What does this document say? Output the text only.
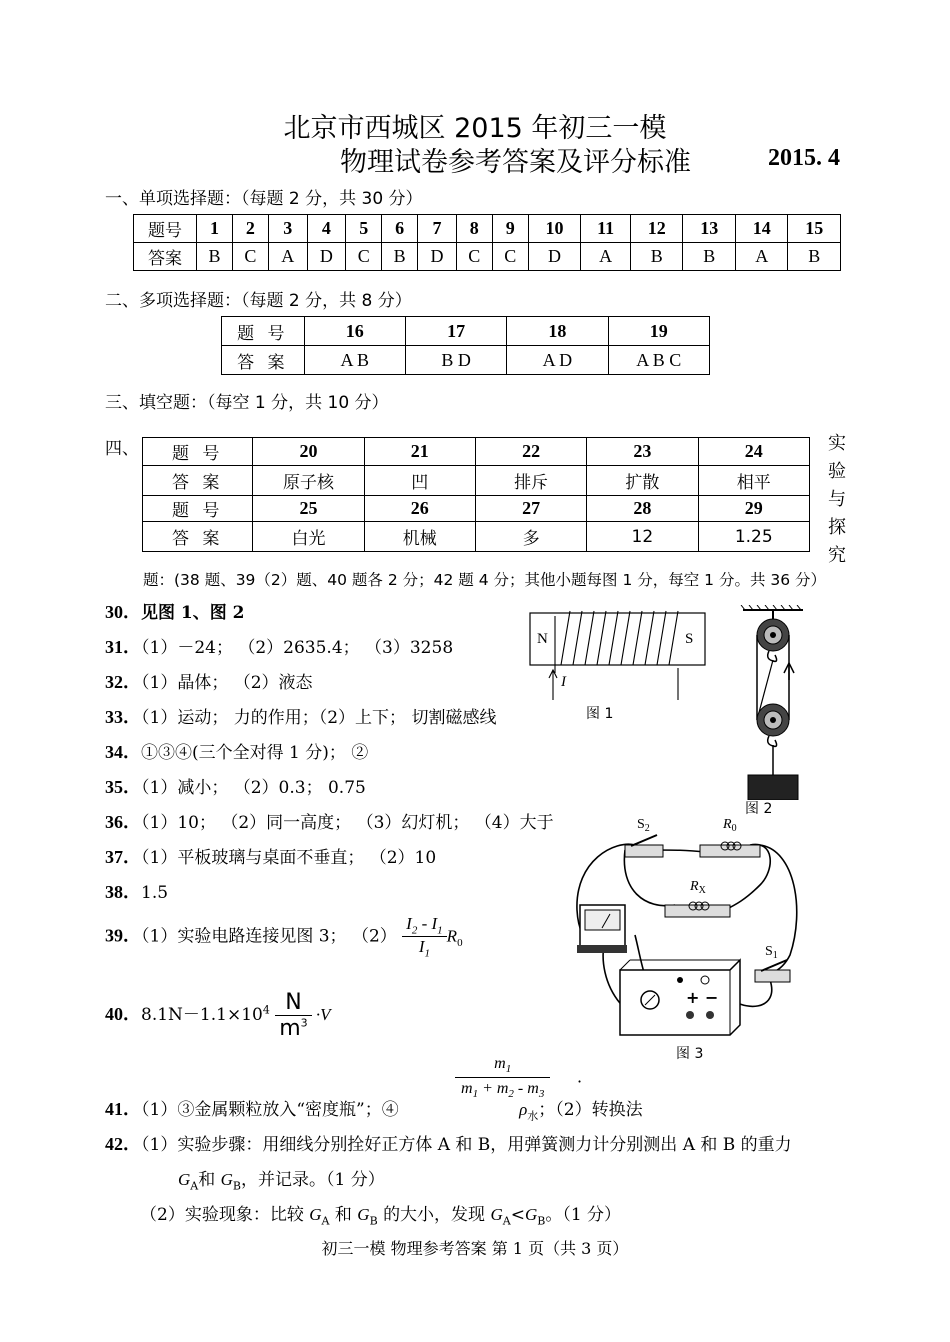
北京市西城区 2015 年初三一模
物理试卷参考答案及评分标准	2015. 4
一、单项选择题：（每题 2 分，共 30 分）
题号	1	2	3	4	5	6	7	8	9	10	11	12	13	14	15
答案	B	C	A	D	C	B	D	C	C	D	A	B	B	A	B
二、多项选择题：（每题 2 分，共 8 分）
题 号	16	17	18	19
答 案	A B	B D	A D	A B C
三、填空题：（每空 1 分，共 10 分）
四、 题 号	20	21	22	23	24
答 案	原子核	凹	排斥	扩散	相平
题 号	25	26	27	28	29
答 案	白光	机械	多	12	1.25
实
验
与
探
究
题：(38 题、39（2）题、40 题各 2 分；42 题 4 分；其他小题每图 1 分，每空 1 分。共 36 分）
30．见图 1、图 2
31．（1）－24； （2）2635.4； （3）3258
32．（1）晶体； （2）液态
33．（1）运动； 力的作用；（2）上下； 切割磁感线
34．①③④(三个全对得 1 分)； ②
35．（1）减小； （2）0.3； 0.75
36．（1）10； （2）同一高度； （3）幻灯机； （4）大于
37．（1）平板玻璃与桌面不垂直； （2）10
38．1.5
39．（1）实验电路连接见图 3； $(2) \frac{I_2 - I_1}{I_1} R_0$
40．$8.1N-1.1\times 10^4 \frac{N}{m^3} \cdot V$
$m_1$
$m_1 + m_2 - m_3$
·
41．（1）③金属颗粒放入“密度瓶”；④	$\rho_水$；（2）转换法
42．（1）实验步骤：用细线分别拴好正方体 A 和 B，用弹簧测力计分别测出 A 和 B 的重力
$G_A$和 $G_B$，并记录。（1 分）
（2）实验现象：比较 $G_A$ 和 $G_B$ 的大小，发现 $G_A<G_B$。（1 分）
N	S
I
图 1
图 2
$S_2$	$R_0$
$R_X$
$S_1$
+ −
图 3
初三一模 物理参考答案 第 1 页（共 3 页）
